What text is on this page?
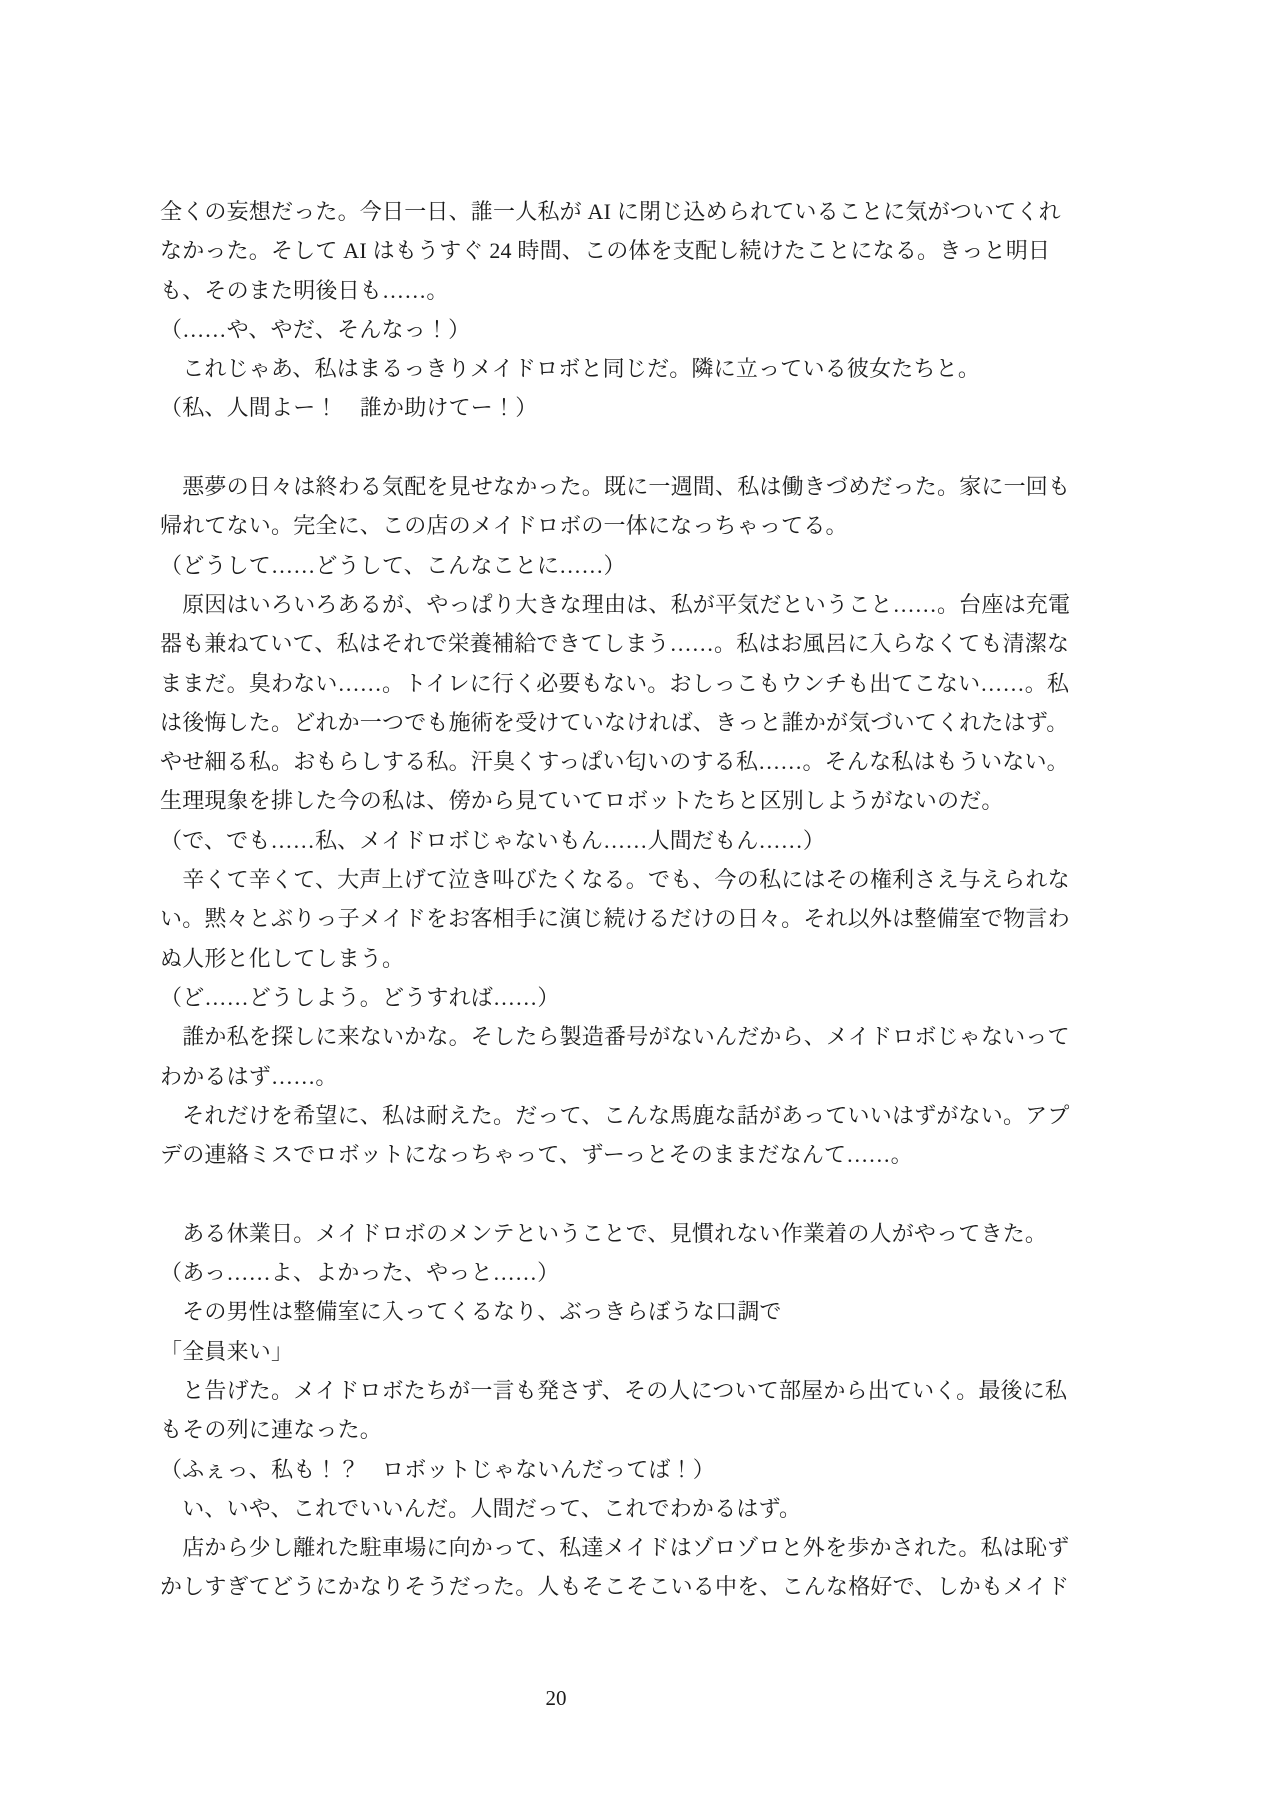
全くの妄想だった。今日一日、誰一人私が AI に閉じ込められていることに気がついてくれ
なかった。そして AI はもうすぐ 24 時間、この体を支配し続けたことになる。きっと明日
も、そのまた明後日も……。
（……や、やだ、そんなっ！）
　これじゃあ、私はまるっきりメイドロボと同じだ。隣に立っている彼女たちと。
（私、人間よー！　誰か助けてー！）
　悪夢の日々は終わる気配を見せなかった。既に一週間、私は働きづめだった。家に一回も
帰れてない。完全に、この店のメイドロボの一体になっちゃってる。
（どうして……どうして、こんなことに……）
　原因はいろいろあるが、やっぱり大きな理由は、私が平気だということ……。台座は充電
器も兼ねていて、私はそれで栄養補給できてしまう……。私はお風呂に入らなくても清潔な
ままだ。臭わない……。トイレに行く必要もない。おしっこもウンチも出てこない……。私
は後悔した。どれか一つでも施術を受けていなければ、きっと誰かが気づいてくれたはず。
やせ細る私。おもらしする私。汗臭くすっぱい匂いのする私……。そんな私はもういない。
生理現象を排した今の私は、傍から見ていてロボットたちと区別しようがないのだ。
（で、でも……私、メイドロボじゃないもん……人間だもん……）
　辛くて辛くて、大声上げて泣き叫びたくなる。でも、今の私にはその権利さえ与えられな
い。黙々とぶりっ子メイドをお客相手に演じ続けるだけの日々。それ以外は整備室で物言わ
ぬ人形と化してしまう。
（ど……どうしよう。どうすれば……）
　誰か私を探しに来ないかな。そしたら製造番号がないんだから、メイドロボじゃないって
わかるはず……。
　それだけを希望に、私は耐えた。だって、こんな馬鹿な話があっていいはずがない。アプ
デの連絡ミスでロボットになっちゃって、ずーっとそのままだなんて……。
　ある休業日。メイドロボのメンテということで、見慣れない作業着の人がやってきた。
（あっ……よ、よかった、やっと……）
　その男性は整備室に入ってくるなり、ぶっきらぼうな口調で
「全員来い」
　と告げた。メイドロボたちが一言も発さず、その人について部屋から出ていく。最後に私
もその列に連なった。
（ふぇっ、私も！？　ロボットじゃないんだってば！）
　い、いや、これでいいんだ。人間だって、これでわかるはず。
　店から少し離れた駐車場に向かって、私達メイドはゾロゾロと外を歩かされた。私は恥ず
かしすぎてどうにかなりそうだった。人もそこそこいる中を、こんな格好で、しかもメイド
20
